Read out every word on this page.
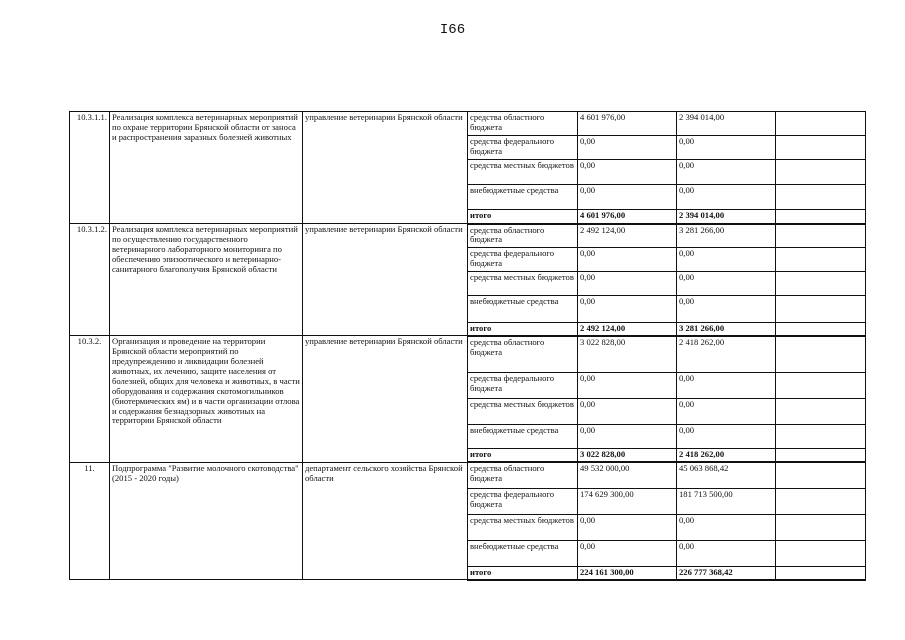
I66
10.3.1.1.	Реализация комплекса ветеринарных мероприятий по охране территории Брянской области от заноса и распространения заразных болезней животных	управление ветеринарии Брянской области	средства областного бюджета	4 601 976,00	2 394 014,00	
			средства федерального бюджета	0,00	0,00	
			средства местных бюджетов	0,00	0,00	
			внебюджетные средства	0,00	0,00	
			итого	4 601 976,00	2 394 014,00	
10.3.1.2.	Реализация комплекса ветеринарных мероприятий по осуществлению государственного ветеринарного лабораторного мониторинга по обеспечению эпизоотического и ветеринарно-санитарного благополучия Брянской области	управление ветеринарии Брянской области	средства областного бюджета	2 492 124,00	3 281 266,00	
			средства федерального бюджета	0,00	0,00	
			средства местных бюджетов	0,00	0,00	
			внебюджетные средства	0,00	0,00	
			итого	2 492 124,00	3 281 266,00	
10.3.2.	Организация и проведение на территории Брянской области мероприятий по предупреждению и ликвидации болезней животных, их лечению, защите населения от болезней, общих для человека и животных, в части оборудования и содержания скотомогильников (биотермических ям) и в части организации отлова и содержания безнадзорных животных на территории Брянской области	управление ветеринарии Брянской области	средства областного бюджета	3 022 828,00	2 418 262,00	
			средства федерального бюджета	0,00	0,00	
			средства местных бюджетов	0,00	0,00	
			внебюджетные средства	0,00	0,00	
			итого	3 022 828,00	2 418 262,00	
11.	Подпрограмма "Развитие молочного скотоводства" (2015 - 2020 годы)	департамент сельского хозяйства Брянской области	средства областного бюджета	49 532 000,00	45 063 868,42	
			средства федерального бюджета	174 629 300,00	181 713 500,00	
			средства местных бюджетов	0,00	0,00	
			внебюджетные средства	0,00	0,00	
			итого	224 161 300,00	226 777 368,42	
